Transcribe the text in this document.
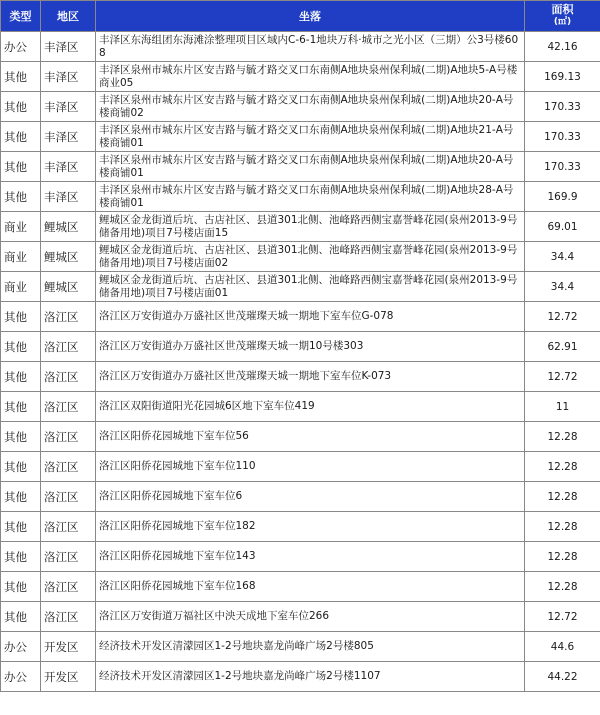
类型	地区	坐落	面积
(㎡)

办公	丰泽区	丰泽区东海组团东海滩涂整理项目区域内C-6-1地块万科·城市之光小区（三期）公3号楼608	42.16
其他	丰泽区	丰泽区泉州市城东片区安吉路与毓才路交叉口东南侧A地块泉州保利城(二期)A地块5-A号楼商业05	169.13
其他	丰泽区	丰泽区泉州市城东片区安吉路与毓才路交叉口东南侧A地块泉州保利城(二期)A地块20-A号楼商铺02	170.33
其他	丰泽区	丰泽区泉州市城东片区安吉路与毓才路交叉口东南侧A地块泉州保利城(二期)A地块21-A号楼商铺01	170.33
其他	丰泽区	丰泽区泉州市城东片区安吉路与毓才路交叉口东南侧A地块泉州保利城(二期)A地块20-A号楼商铺01	170.33
其他	丰泽区	丰泽区泉州市城东片区安吉路与毓才路交叉口东南侧A地块泉州保利城(二期)A地块28-A号楼商铺01	169.9
商业	鲤城区	鲤城区金龙街道后坑、古店社区、县道301北侧、池峰路西侧宝嘉誉峰花园(泉州2013-9号储备用地)项目7号楼店面15	69.01
商业	鲤城区	鲤城区金龙街道后坑、古店社区、县道301北侧、池峰路西侧宝嘉誉峰花园(泉州2013-9号储备用地)项目7号楼店面02	34.4
商业	鲤城区	鲤城区金龙街道后坑、古店社区、县道301北侧、池峰路西侧宝嘉誉峰花园(泉州2013-9号储备用地)项目7号楼店面01	34.4
其他	洛江区	洛江区万安街道办万盛社区世茂璀璨天城一期地下室车位G-078	12.72
其他	洛江区	洛江区万安街道办万盛社区世茂璀璨天城一期10号楼303	62.91
其他	洛江区	洛江区万安街道办万盛社区世茂璀璨天城一期地下室车位K-073	12.72
其他	洛江区	洛江区双阳街道阳光花园城6区地下室车位419	11
其他	洛江区	洛江区阳侨花园城地下室车位56	12.28
其他	洛江区	洛江区阳侨花园城地下室车位110	12.28
其他	洛江区	洛江区阳侨花园城地下室车位6	12.28
其他	洛江区	洛江区阳侨花园城地下室车位182	12.28
其他	洛江区	洛江区阳侨花园城地下室车位143	12.28
其他	洛江区	洛江区阳侨花园城地下室车位168	12.28
其他	洛江区	洛江区万安街道万福社区中泱天成地下室车位266	12.72
办公	开发区	经济技术开发区清濛园区1-2号地块嘉龙尚峰广场2号楼805	44.6
办公	开发区	经济技术开发区清濛园区1-2号地块嘉龙尚峰广场2号楼1107	44.22
